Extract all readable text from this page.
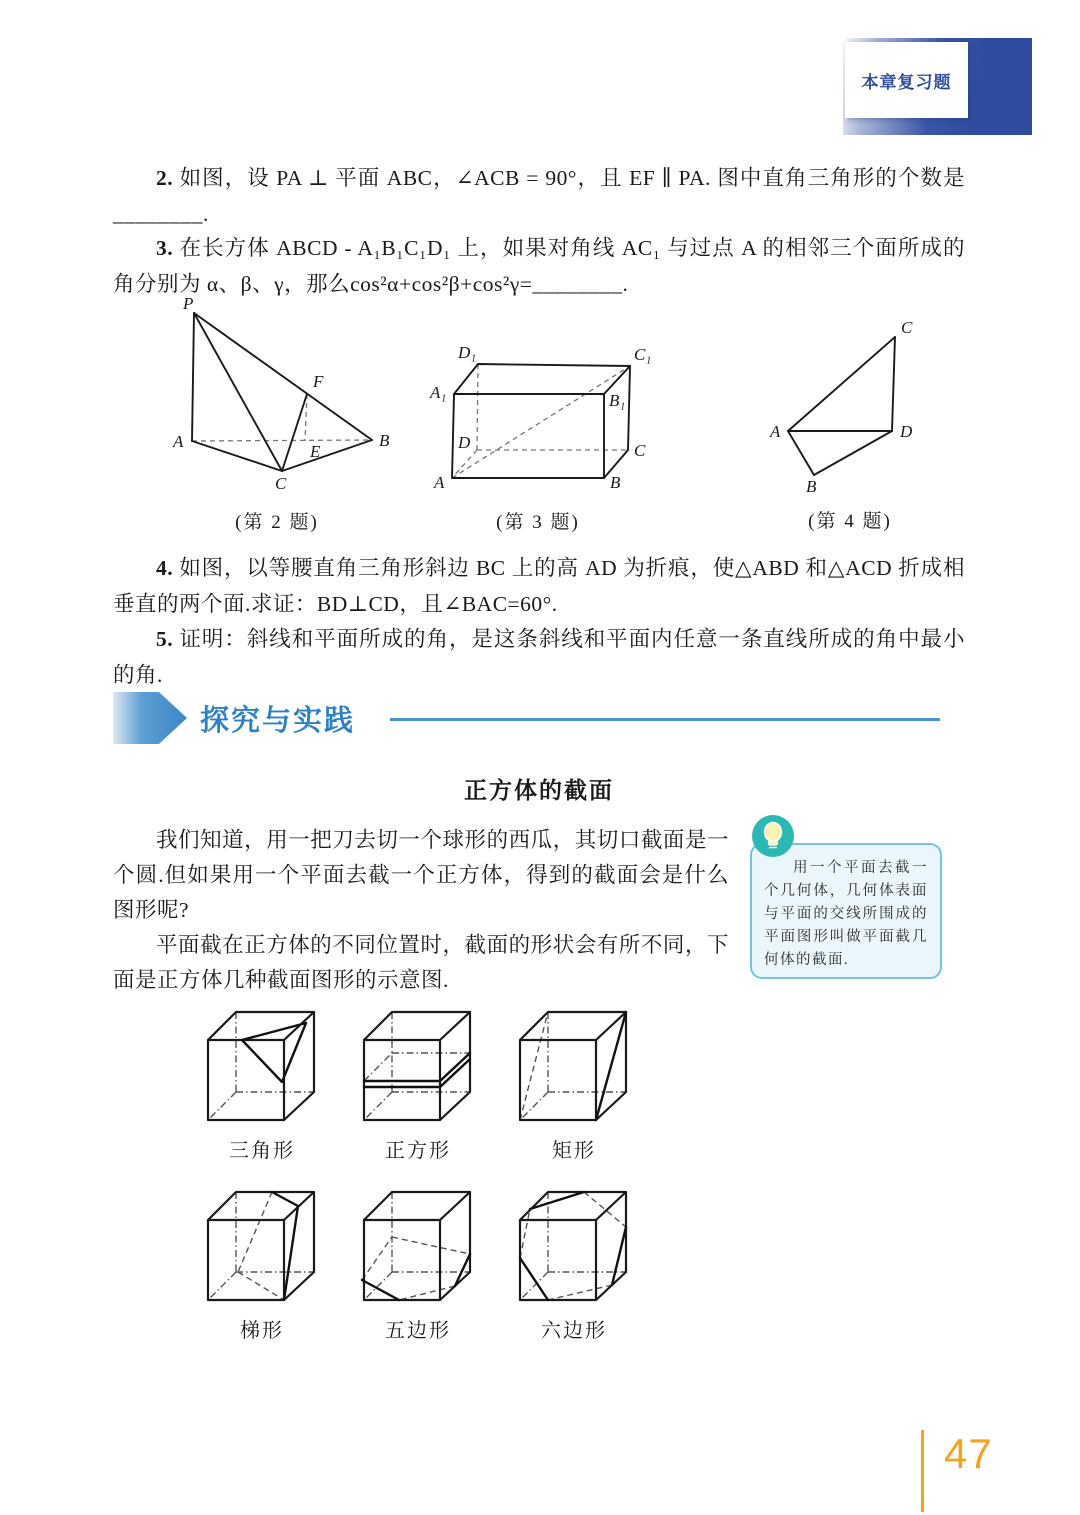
本章复习题
2. 如图，设 PA ⊥ 平面 ABC，∠ACB = 90°，且 EF ∥ PA. 图中直角三角形的个数是________.
3. 在长方体 ABCD - A₁B₁C₁D₁ 上，如果对角线 AC₁ 与过点 A 的相邻三个面所成的角分别为 α、β、γ，那么cos²α+cos²β+cos²γ=________.
P
A	B
C
E
F
(第 2 题)
A₁	B₁
C₁
D₁
A	B
C
D
(第 3 题)
A
B
C
D
(第 4 题)
4. 如图，以等腰直角三角形斜边 BC 上的高 AD 为折痕，使△ABD 和△ACD 折成相垂直的两个面.求证：BD⊥CD，且∠BAC=60°.
5. 证明：斜线和平面所成的角，是这条斜线和平面内任意一条直线所成的角中最小的角.
探究与实践
正方体的截面

我们知道，用一把刀去切一个球形的西瓜，其切口截面是一个圆.但如果用一个平面去截一个正方体，得到的截面会是什么图形呢?

平面截在正方体的不同位置时，截面的形状会有所不同，下面是正方体几种截面图形的示意图.

用一个平面去截一个几何体，几何体表面与平面的交线所围成的平面图形叫做平面截几何体的截面.
三角形	正方形	矩形
梯形	五边形	六边形
47
